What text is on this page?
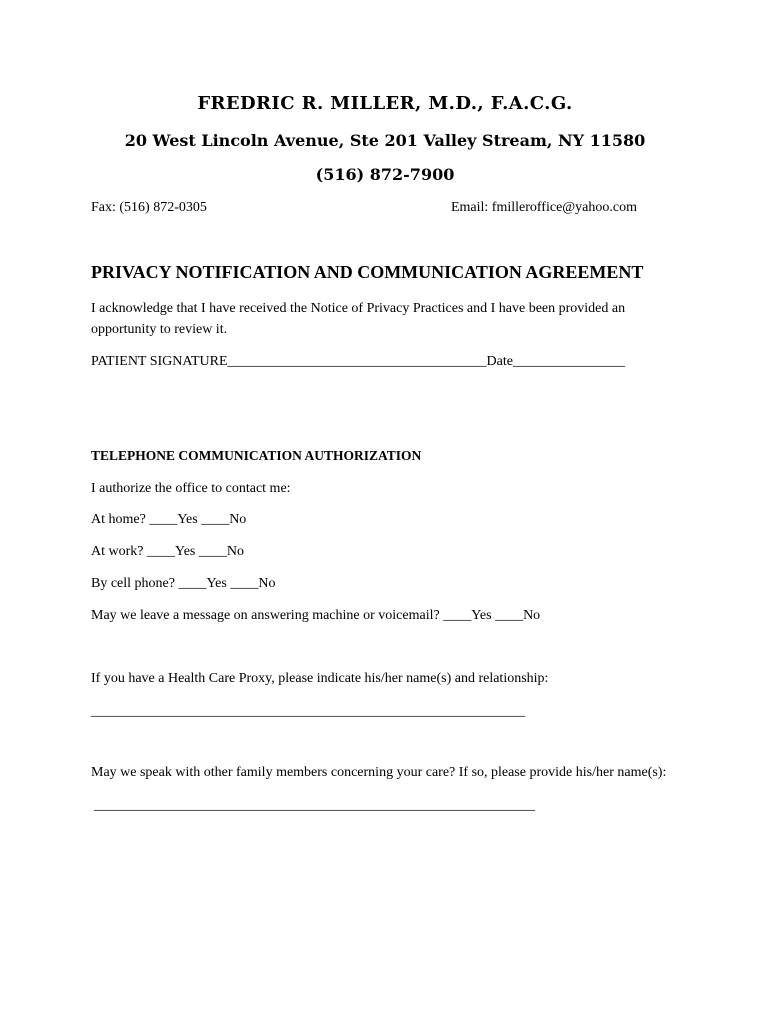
FREDRIC R. MILLER, M.D., F.A.C.G.
20 West Lincoln Avenue, Ste 201 Valley Stream, NY 11580
(516) 872-7900
Fax: (516) 872-0305	Email: fmilleroffice@yahoo.com
PRIVACY NOTIFICATION AND COMMUNICATION AGREEMENT
I acknowledge that I have received the Notice of Privacy Practices and I have been provided an opportunity to review it.
PATIENT SIGNATURE_____________________________________Date________________
TELEPHONE COMMUNICATION AUTHORIZATION
I authorize the office to contact me:
At home? ____Yes ____No
At work? ____Yes ____No
By cell phone? ____Yes ____No
May we leave a message on answering machine or voicemail? ____Yes ____No
If you have a Health Care Proxy, please indicate his/her name(s) and relationship:
______________________________________________________________
May we speak with other family members concerning your care? If so, please provide his/her name(s):
_______________________________________________________________
